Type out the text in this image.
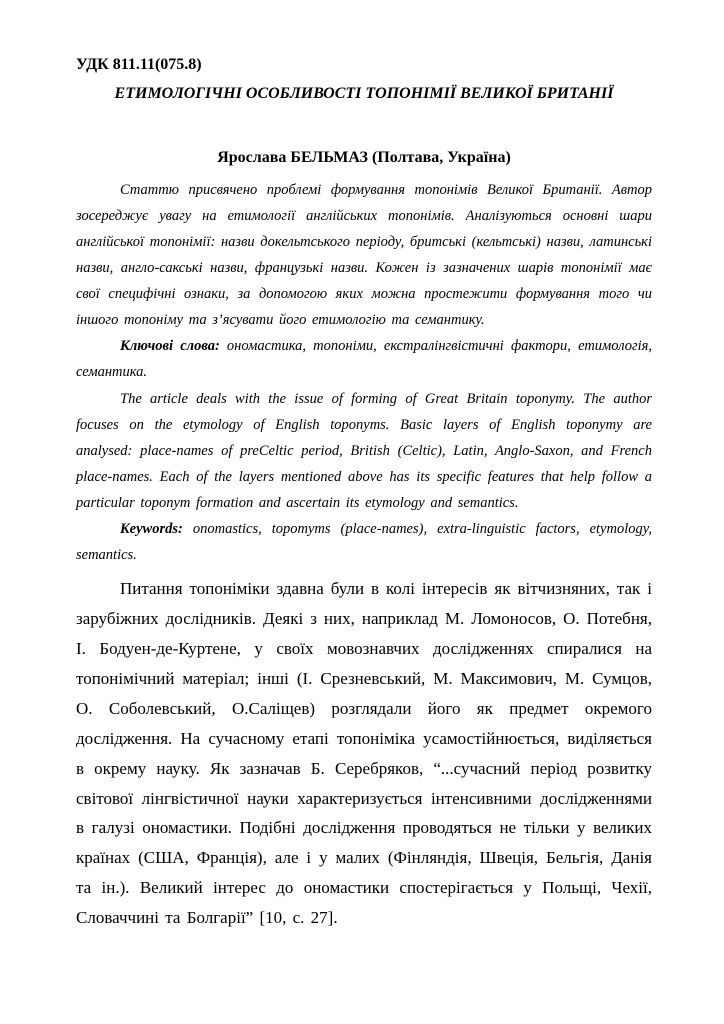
УДК 811.11(075.8)

ЕТИМОЛОГІЧНІ ОСОБЛИВОСТІ ТОПОНІМІЇ ВЕЛИКОЇ БРИТАНІЇ

Ярослава БЕЛЬМАЗ (Полтава, Україна)

Статтю присвячено проблемі формування топонімів Великої Британії. Автор зосереджує увагу на етимології англійських топонімів. Аналізуються основні шари англійської топонімії: назви докельтського періоду, бритські (кельтські) назви, латинські назви, англо-сакські назви, французькі назви. Кожен із зазначених шарів топонімії має свої специфічні ознаки, за допомогою яких можна простежити формування того чи іншого топоніму та з’ясувати його етимологію та семантику.

Ключові слова: ономастика, топоніми, екстралінгвістичні фактори, етимологія, семантика.

The article deals with the issue of forming of Great Britain toponymy. The author focuses on the etymology of English toponyms. Basic layers of English toponymy are analysed: place-names of preCeltic period, British (Celtic), Latin, Anglo-Saxon, and French place-names. Each of the layers mentioned above has its specific features that help follow a particular toponym formation and ascertain its etymology and semantics.

Keywords: onomastics, topomyms (place-names), extra-linguistic factors, etymology, semantics.

Питання топоніміки здавна були в колі інтересів як вітчизняних, так і зарубіжних дослідників. Деякі з них, наприклад М. Ломоносов, О. Потебня, І. Бодуен-де-Куртене, у своїх мовознавчих дослідженнях спиралися на топонімічний матеріал; інші (І. Срезневський, М. Максимович, М. Сумцов, О. Соболевський, О.Саліщев) розглядали його як предмет окремого дослідження. На сучасному етапі топоніміка усамостійнюється, виділяється в окрему науку. Як зазначав Б. Серебряков, “...сучасний період розвитку світової лінгвістичної науки характеризується інтенсивними дослідженнями в галузі ономастики. Подібні дослідження проводяться не тільки у великих країнах (США, Франція), але і у малих (Фінляндія, Швеція, Бельгія, Данія та ін.). Великий інтерес до ономастики спостерігається у Польщі, Чехії, Словаччині та Болгарії” [10, с. 27].
